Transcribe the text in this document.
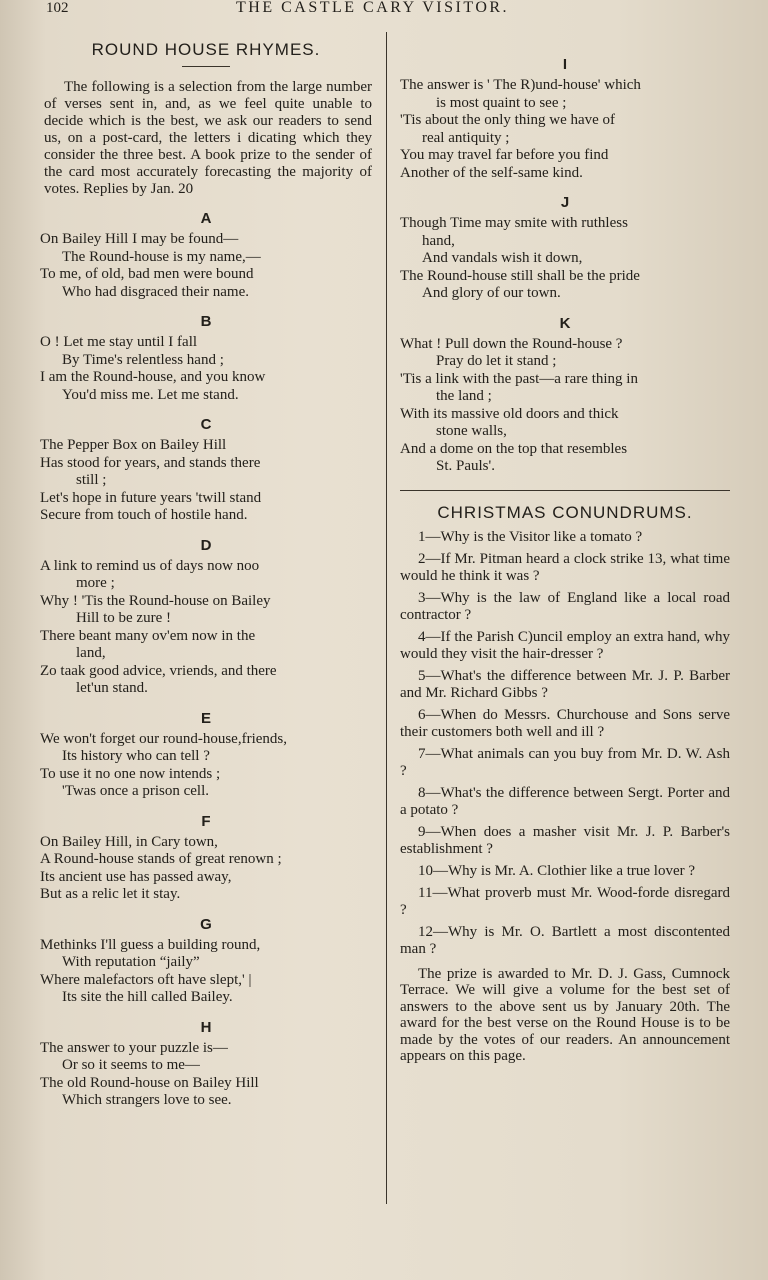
102	THE CASTLE CARY VISITOR.
ROUND HOUSE RHYMES.

The following is a selection from the large number of verses sent in, and, as we feel quite unable to decide which is the best, we ask our readers to send us, on a post-card, the letters i dicating which they consider the three best. A book prize to the sender of the card most accurately forecasting the majority of votes. Replies by Jan. 20

A
On Bailey Hill I may be found—
The Round-house is my name,—
To me, of old, bad men were bound
Who had disgraced their name.
B
O ! Let me stay until I fall
By Time's relentless hand ;
I am the Round-house, and you know
You'd miss me. Let me stand.
C
The Pepper Box on Bailey Hill
Has stood for years, and stands there
still ;
Let's hope in future years 'twill stand
Secure from touch of hostile hand.
D
A link to remind us of days now noo
more ;
Why ! 'Tis the Round-house on Bailey
Hill to be zure !
There beant many ov'em now in the
land,
Zo taak good advice, vriends, and there
let'un stand.
E
We won't forget our round-house,friends,
Its history who can tell ?
To use it no one now intends ;
'Twas once a prison cell.
F
On Bailey Hill, in Cary town,
A Round-house stands of great renown ;
Its ancient use has passed away,
But as a relic let it stay.
G
Methinks I'll guess a building round,
With reputation “jaily”
Where malefactors oft have slept,' |
Its site the hill called Bailey.
H
The answer to your puzzle is—
Or so it seems to me—
The old Round-house on Bailey Hill
Which strangers love to see.
I
The answer is ' The R)und-house' which
is most quaint to see ;
'Tis about the only thing we have of
real antiquity ;
You may travel far before you find
Another of the self-same kind.
J
Though Time may smite with ruthless
hand,
And vandals wish it down,
The Round-house still shall be the pride
And glory of our town.
K
What ! Pull down the Round-house ?
Pray do let it stand ;
'Tis a link with the past—a rare thing in
the land ;
With its massive old doors and thick
stone walls,
And a dome on the top that resembles
St. Pauls'.
CHRISTMAS CONUNDRUMS.

1—Why is the Visitor like a tomato ?

2—If Mr. Pitman heard a clock strike 13, what time would he think it was ?

3—Why is the law of England like a local road contractor ?

4—If the Parish C)uncil employ an extra hand, why would they visit the hair-dresser ?

5—What's the difference between Mr. J. P. Barber and Mr. Richard Gibbs ?

6—When do Messrs. Churchouse and Sons serve their customers both well and ill ?

7—What animals can you buy from Mr. D. W. Ash ?

8—What's the difference between Sergt. Porter and a potato ?

9—When does a masher visit Mr. J. P. Barber's establishment ?

10—Why is Mr. A. Clothier like a true lover ?

11—What proverb must Mr. Wood-forde disregard ?

12—Why is Mr. O. Bartlett a most discontented man ?

The prize is awarded to Mr. D. J. Gass, Cumnock Terrace. We will give a volume for the best set of answers to the above sent us by January 20th. The award for the best verse on the Round House is to be made by the votes of our readers. An announcement appears on this page.
